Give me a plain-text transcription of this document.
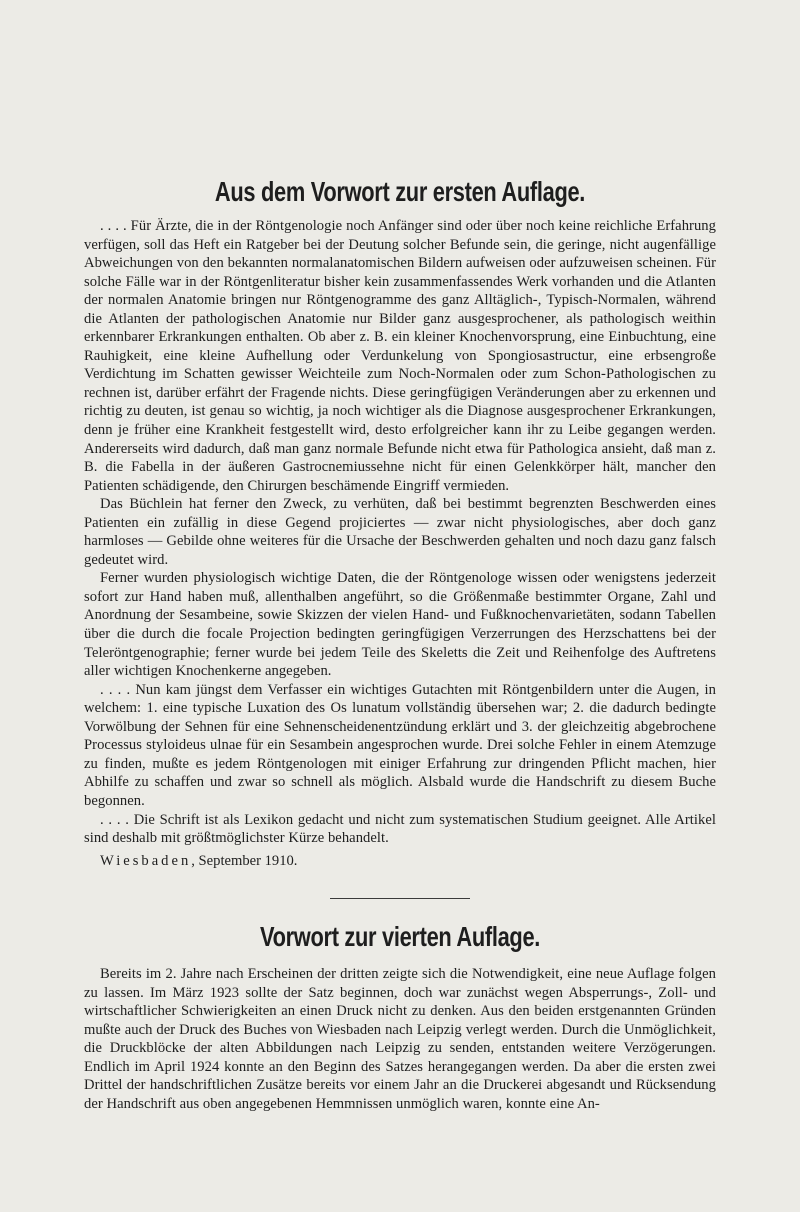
Aus dem Vorwort zur ersten Auflage.

. . . . Für Ärzte, die in der Röntgenologie noch Anfänger sind oder über noch keine reichliche Erfahrung verfügen, soll das Heft ein Ratgeber bei der Deutung solcher Befunde sein, die geringe, nicht augenfällige Abweichungen von den bekannten normalanatomischen Bildern aufweisen oder aufzuweisen scheinen. Für solche Fälle war in der Röntgenliteratur bisher kein zusammenfassendes Werk vorhanden und die Atlanten der normalen Anatomie bringen nur Röntgenogramme des ganz Alltäglich-, Typisch-Normalen, während die Atlanten der pathologischen Anatomie nur Bilder ganz ausgesprochener, als pathologisch weithin erkennbarer Erkrankungen enthalten. Ob aber z. B. ein kleiner Knochenvorsprung, eine Einbuchtung, eine Rauhigkeit, eine kleine Aufhellung oder Verdunkelung von Spongiosastructur, eine erbsengroße Verdichtung im Schatten gewisser Weichteile zum Noch-Normalen oder zum Schon-Pathologischen zu rechnen ist, darüber erfährt der Fragende nichts. Diese geringfügigen Veränderungen aber zu erkennen und richtig zu deuten, ist genau so wichtig, ja noch wichtiger als die Diagnose ausgesprochener Erkrankungen, denn je früher eine Krankheit festgestellt wird, desto erfolgreicher kann ihr zu Leibe gegangen werden. Andererseits wird dadurch, daß man ganz normale Befunde nicht etwa für Pathologica ansieht, daß man z. B. die Fabella in der äußeren Gastrocnemiussehne nicht für einen Gelenkkörper hält, mancher den Patienten schädigende, den Chirurgen beschämende Eingriff vermieden.

Das Büchlein hat ferner den Zweck, zu verhüten, daß bei bestimmt begrenzten Beschwerden eines Patienten ein zufällig in diese Gegend projiciertes — zwar nicht physiologisches, aber doch ganz harmloses — Gebilde ohne weiteres für die Ursache der Beschwerden gehalten und noch dazu ganz falsch gedeutet wird.

Ferner wurden physiologisch wichtige Daten, die der Röntgenologe wissen oder wenigstens jederzeit sofort zur Hand haben muß, allenthalben angeführt, so die Größenmaße bestimmter Organe, Zahl und Anordnung der Sesambeine, sowie Skizzen der vielen Hand- und Fußknochenvarietäten, sodann Tabellen über die durch die focale Projection bedingten geringfügigen Verzerrungen des Herzschattens bei der Teleröntgenographie; ferner wurde bei jedem Teile des Skeletts die Zeit und Reihenfolge des Auftretens aller wichtigen Knochenkerne angegeben.

. . . . Nun kam jüngst dem Verfasser ein wichtiges Gutachten mit Röntgenbildern unter die Augen, in welchem: 1. eine typische Luxation des Os lunatum vollständig übersehen war; 2. die dadurch bedingte Vorwölbung der Sehnen für eine Sehnenscheidenentzündung erklärt und 3. der gleichzeitig abgebrochene Processus styloideus ulnae für ein Sesambein angesprochen wurde. Drei solche Fehler in einem Atemzuge zu finden, mußte es jedem Röntgenologen mit einiger Erfahrung zur dringenden Pflicht machen, hier Abhilfe zu schaffen und zwar so schnell als möglich. Alsbald wurde die Handschrift zu diesem Buche begonnen.

. . . . Die Schrift ist als Lexikon gedacht und nicht zum systematischen Studium geeignet. Alle Artikel sind deshalb mit größtmöglichster Kürze behandelt.

Wiesbaden, September 1910.
Vorwort zur vierten Auflage.

Bereits im 2. Jahre nach Erscheinen der dritten zeigte sich die Notwendigkeit, eine neue Auflage folgen zu lassen. Im März 1923 sollte der Satz beginnen, doch war zunächst wegen Absperrungs-, Zoll- und wirtschaftlicher Schwierigkeiten an einen Druck nicht zu denken. Aus den beiden erstgenannten Gründen mußte auch der Druck des Buches von Wiesbaden nach Leipzig verlegt werden. Durch die Unmöglichkeit, die Druckblöcke der alten Abbildungen nach Leipzig zu senden, entstanden weitere Verzögerungen. Endlich im April 1924 konnte an den Beginn des Satzes herangegangen werden. Da aber die ersten zwei Drittel der handschriftlichen Zusätze bereits vor einem Jahr an die Druckerei abgesandt und Rücksendung der Handschrift aus oben angegebenen Hemmnissen unmöglich waren, konnte eine An-
